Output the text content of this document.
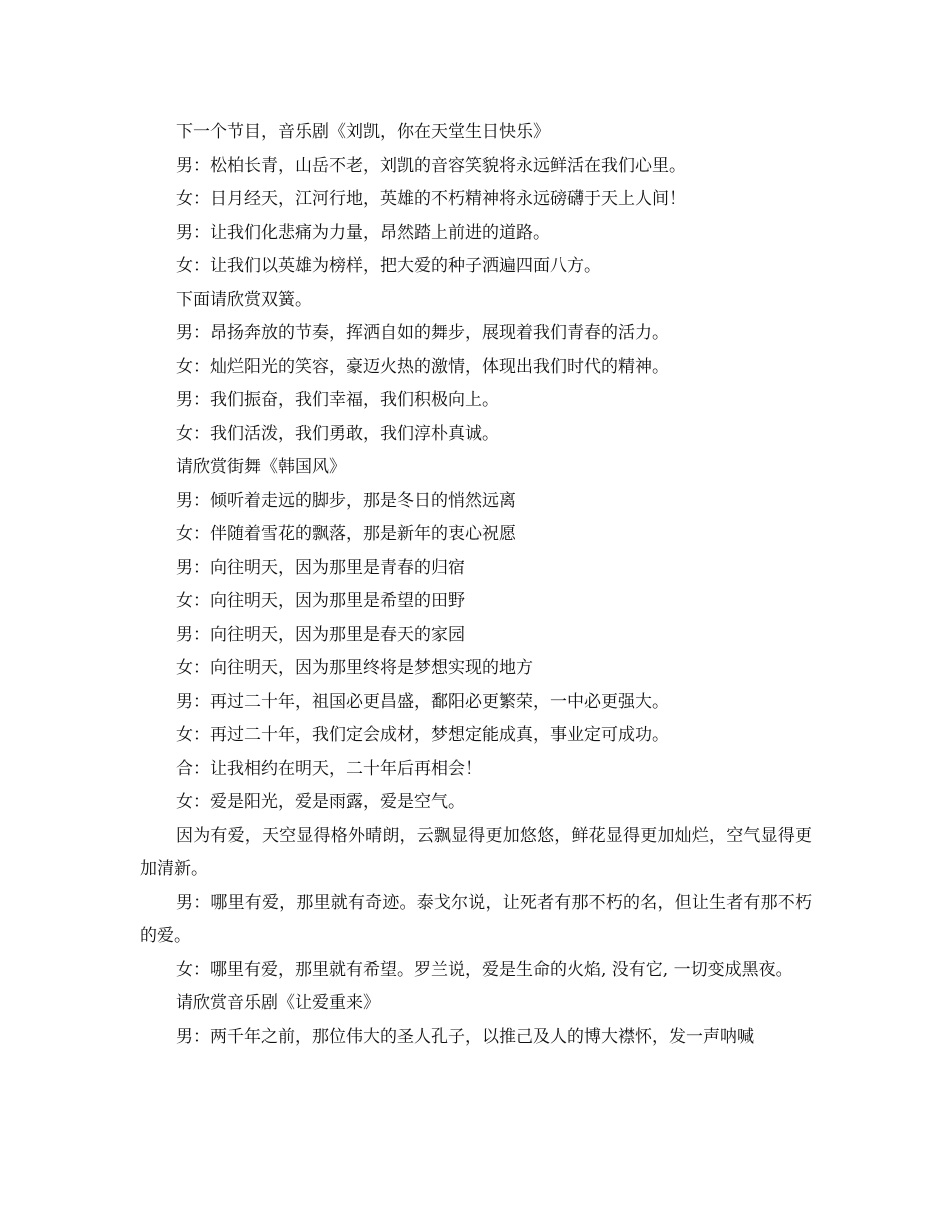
下一个节目，音乐剧《刘凯，你在天堂生日快乐》
男：松柏长青，山岳不老，刘凯的音容笑貌将永远鲜活在我们心里。
女：日月经天，江河行地，英雄的不朽精神将永远磅礴于天上人间！
男：让我们化悲痛为力量，昂然踏上前进的道路。
女：让我们以英雄为榜样，把大爱的种子洒遍四面八方。
下面请欣赏双簧。
男：昂扬奔放的节奏，挥洒自如的舞步，展现着我们青春的活力。
女：灿烂阳光的笑容，豪迈火热的激情，体现出我们时代的精神。
男：我们振奋，我们幸福，我们积极向上。
女：我们活泼，我们勇敢，我们淳朴真诚。
请欣赏街舞《韩国风》
男：倾听着走远的脚步，那是冬日的悄然远离
女：伴随着雪花的飘落，那是新年的衷心祝愿
男：向往明天，因为那里是青春的归宿
女：向往明天，因为那里是希望的田野
男：向往明天，因为那里是春天的家园
女：向往明天，因为那里终将是梦想实现的地方
男：再过二十年，祖国必更昌盛，鄱阳必更繁荣，一中必更强大。
女：再过二十年，我们定会成材，梦想定能成真，事业定可成功。
合：让我相约在明天，二十年后再相会！
女：爱是阳光，爱是雨露，爱是空气。
因为有爱，天空显得格外晴朗，云飘显得更加悠悠，鲜花显得更加灿烂，空气显得更加清新。
男：哪里有爱，那里就有奇迹。泰戈尔说，让死者有那不朽的名，但让生者有那不朽的爱。
女：哪里有爱，那里就有希望。罗兰说，爱是生命的火焰, 没有它, 一切变成黑夜。
请欣赏音乐剧《让爱重来》
男：两千年之前，那位伟大的圣人孔子，以推己及人的博大襟怀，发一声呐喊
